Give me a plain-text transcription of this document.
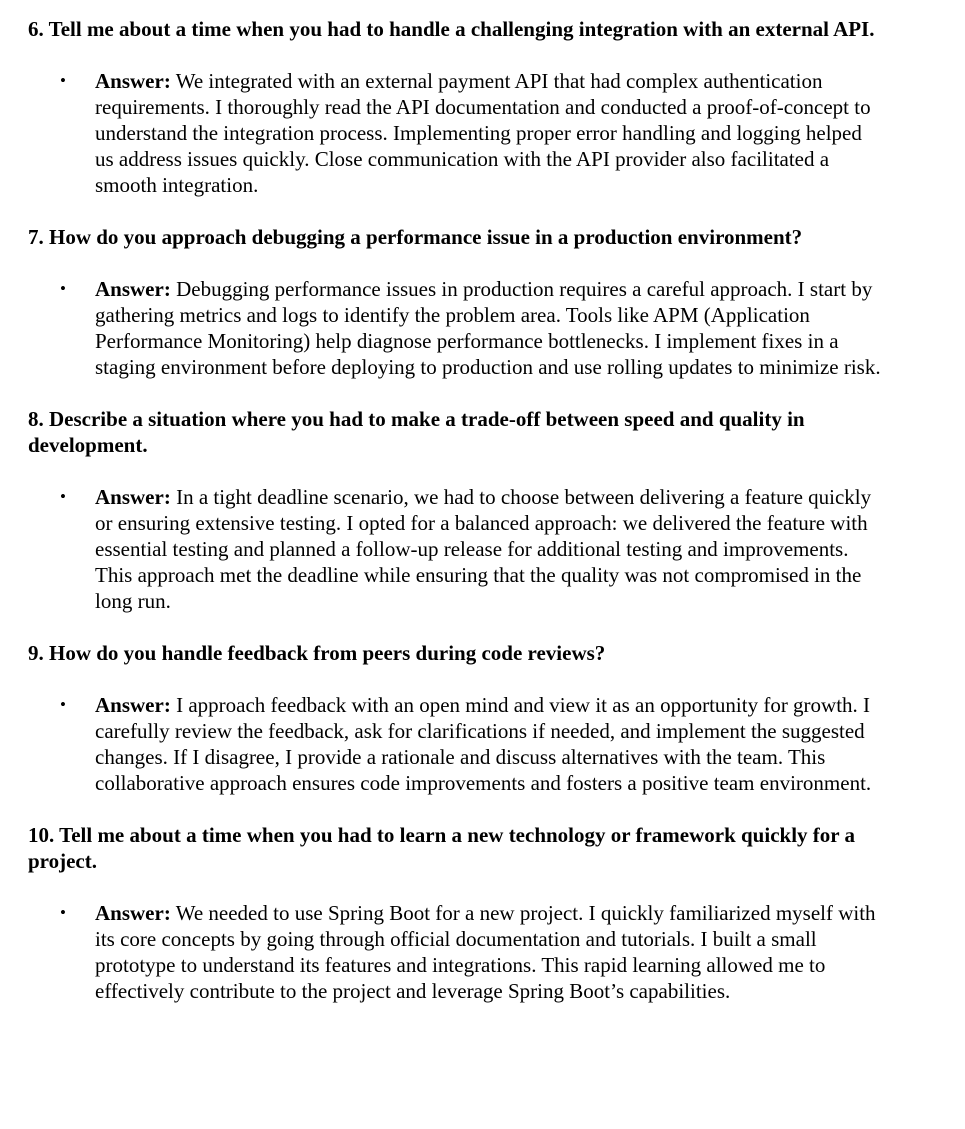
6. Tell me about a time when you had to handle a challenging integration with an external API.

• Answer: We integrated with an external payment API that had complex authentication requirements. I thoroughly read the API documentation and conducted a proof-of-concept to understand the integration process. Implementing proper error handling and logging helped us address issues quickly. Close communication with the API provider also facilitated a smooth integration.

7. How do you approach debugging a performance issue in a production environment?

• Answer: Debugging performance issues in production requires a careful approach. I start by gathering metrics and logs to identify the problem area. Tools like APM (Application Performance Monitoring) help diagnose performance bottlenecks. I implement fixes in a staging environment before deploying to production and use rolling updates to minimize risk.

8. Describe a situation where you had to make a trade-off between speed and quality in development.

• Answer: In a tight deadline scenario, we had to choose between delivering a feature quickly or ensuring extensive testing. I opted for a balanced approach: we delivered the feature with essential testing and planned a follow-up release for additional testing and improvements. This approach met the deadline while ensuring that the quality was not compromised in the long run.

9. How do you handle feedback from peers during code reviews?

• Answer: I approach feedback with an open mind and view it as an opportunity for growth. I carefully review the feedback, ask for clarifications if needed, and implement the suggested changes. If I disagree, I provide a rationale and discuss alternatives with the team. This collaborative approach ensures code improvements and fosters a positive team environment.

10. Tell me about a time when you had to learn a new technology or framework quickly for a project.

• Answer: We needed to use Spring Boot for a new project. I quickly familiarized myself with its core concepts by going through official documentation and tutorials. I built a small prototype to understand its features and integrations. This rapid learning allowed me to effectively contribute to the project and leverage Spring Boot’s capabilities.
